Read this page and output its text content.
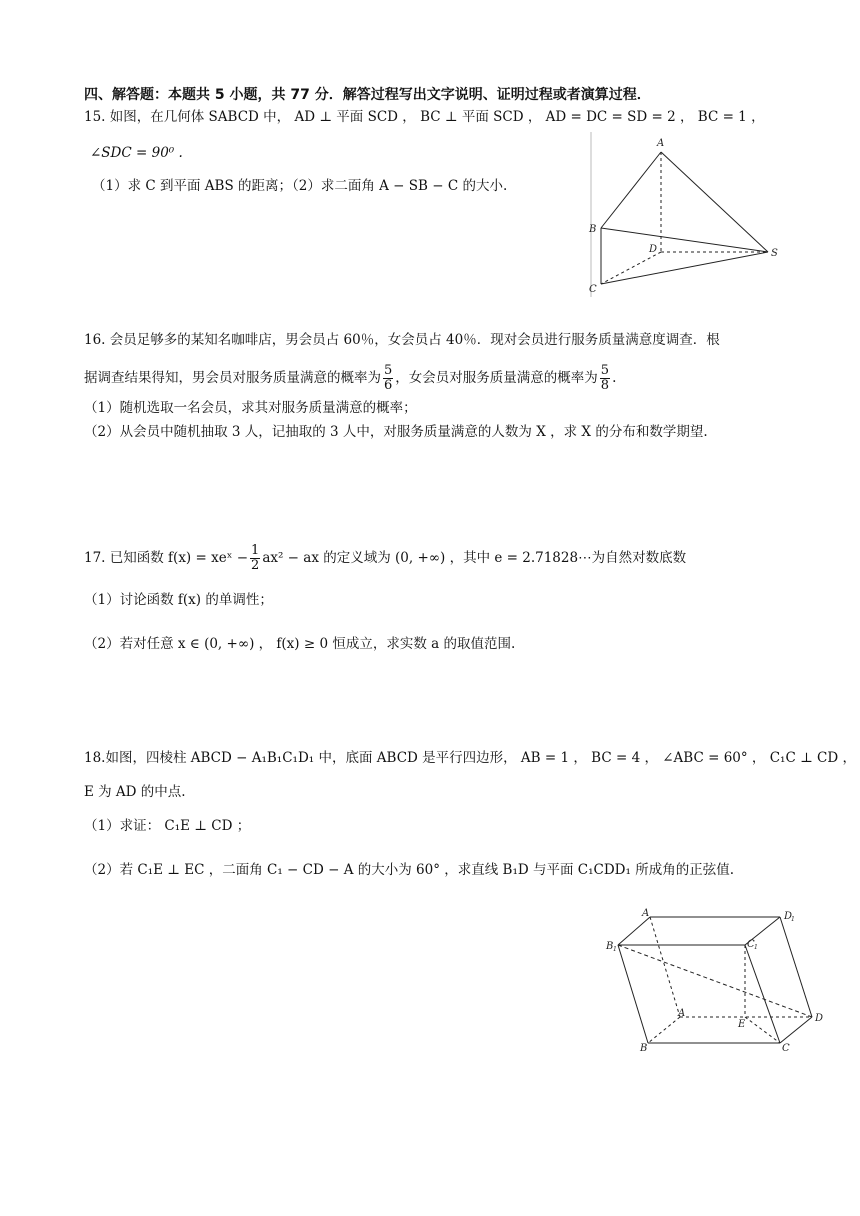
四、解答题：本题共 5 小题，共 77 分．解答过程写出文字说明、证明过程或者演算过程．
15. 如图，在几何体 SABCD 中， AD ⊥ 平面 SCD ， BC ⊥ 平面 SCD ， AD = DC = SD = 2 ， BC = 1 ，
∠SDC = 90⁰ .
（1）求 C 到平面 ABS 的距离；（2）求二面角 A − SB − C 的大小.
A
B
C
D	S
16. 会员足够多的某知名咖啡店，男会员占 60％，女会员占 40％．现对会员进行服务质量满意度调查．根
据调查结果得知，男会员对服务质量满意的概率为 $\frac{5}{6}$ ，女会员对服务质量满意的概率为 $\frac{5}{8}$ .
（1）随机选取一名会员，求其对服务质量满意的概率；
（2）从会员中随机抽取 3 人，记抽取的 3 人中，对服务质量满意的人数为 X ，求 X 的分布和数学期望.
17. 已知函数 f(x) = xeˣ − $\frac{1}{2} ax^2$ − ax 的定义域为 (0, +∞) ，其中 e = 2.71828⋯为自然对数底数
（1）讨论函数 f(x) 的单调性；
（2）若对任意 x ∈ (0, +∞) ， f(x) ≥ 0 恒成立，求实数 a 的取值范围.
18.如图，四棱柱 ABCD − A₁B₁C₁D₁ 中，底面 ABCD 是平行四边形， AB = 1 ， BC = 4 ， ∠ABC = 60° ， C₁C ⊥ CD ，
E 为 AD 的中点.
（1）求证： C₁E ⊥ CD ；
（2）若 C₁E ⊥ EC ，二面角 C₁ − CD − A 的大小为 60° ，求直线 B₁D 与平面 C₁CDD₁ 所成角的正弦值.
A
B 1	C 1
D
1
A
B	C
D
E
